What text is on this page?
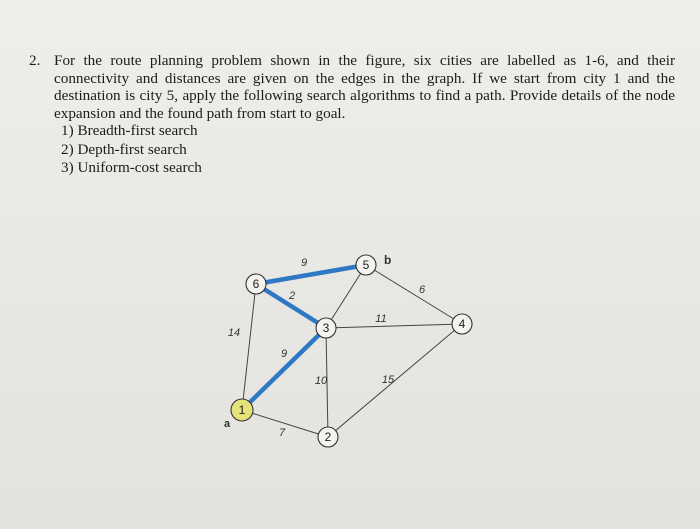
2. For the route planning problem shown in the figure, six cities are labelled as 1-6, and their connectivity and distances are given on the edges in the graph. If we start from city 1 and the destination is city 5, apply the following search algorithms to find a path. Provide details of the node expansion and the found path from start to goal.
1) Breadth-first search
2) Depth-first search
3) Uniform-cost search
9
2
9
14
6
11
10
7
15
6
5
3	4
1
2
a
b
